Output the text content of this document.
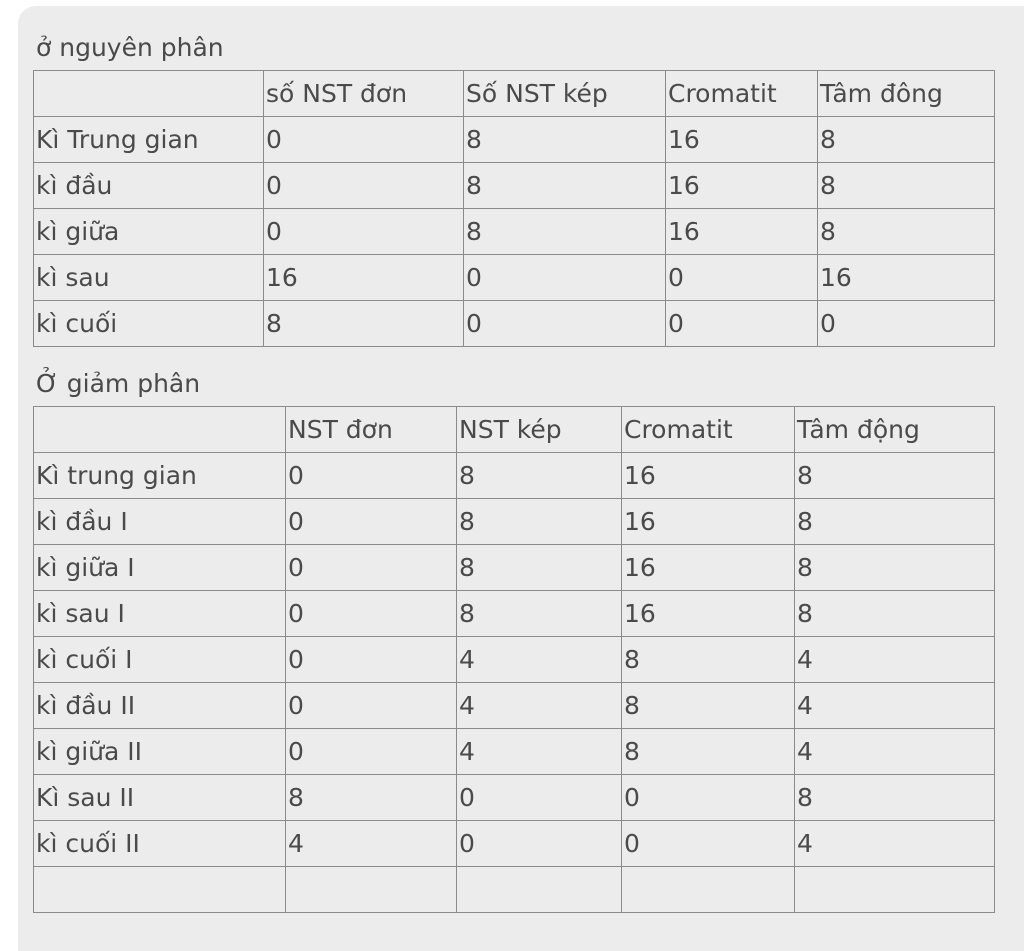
ở nguyên phân
	số NST đơn	Số NST kép	Cromatit	Tâm đông
Kì Trung gian	0	8	16	8
kì đầu	0	8	16	8
kì giữa	0	8	16	8
kì sau	16	0	0	16
kì cuối	8	0	0	0
Ở giảm phân
	NST đơn	NST kép	Cromatit	Tâm động
Kì trung gian	0	8	16	8
kì đầu I	0	8	16	8
kì giữa I	0	8	16	8
kì sau I	0	8	16	8
kì cuối I	0	4	8	4
kì đầu II	0	4	8	4
kì giữa II	0	4	8	4
Kì sau II	8	0	0	8
kì cuối II	4	0	0	4
